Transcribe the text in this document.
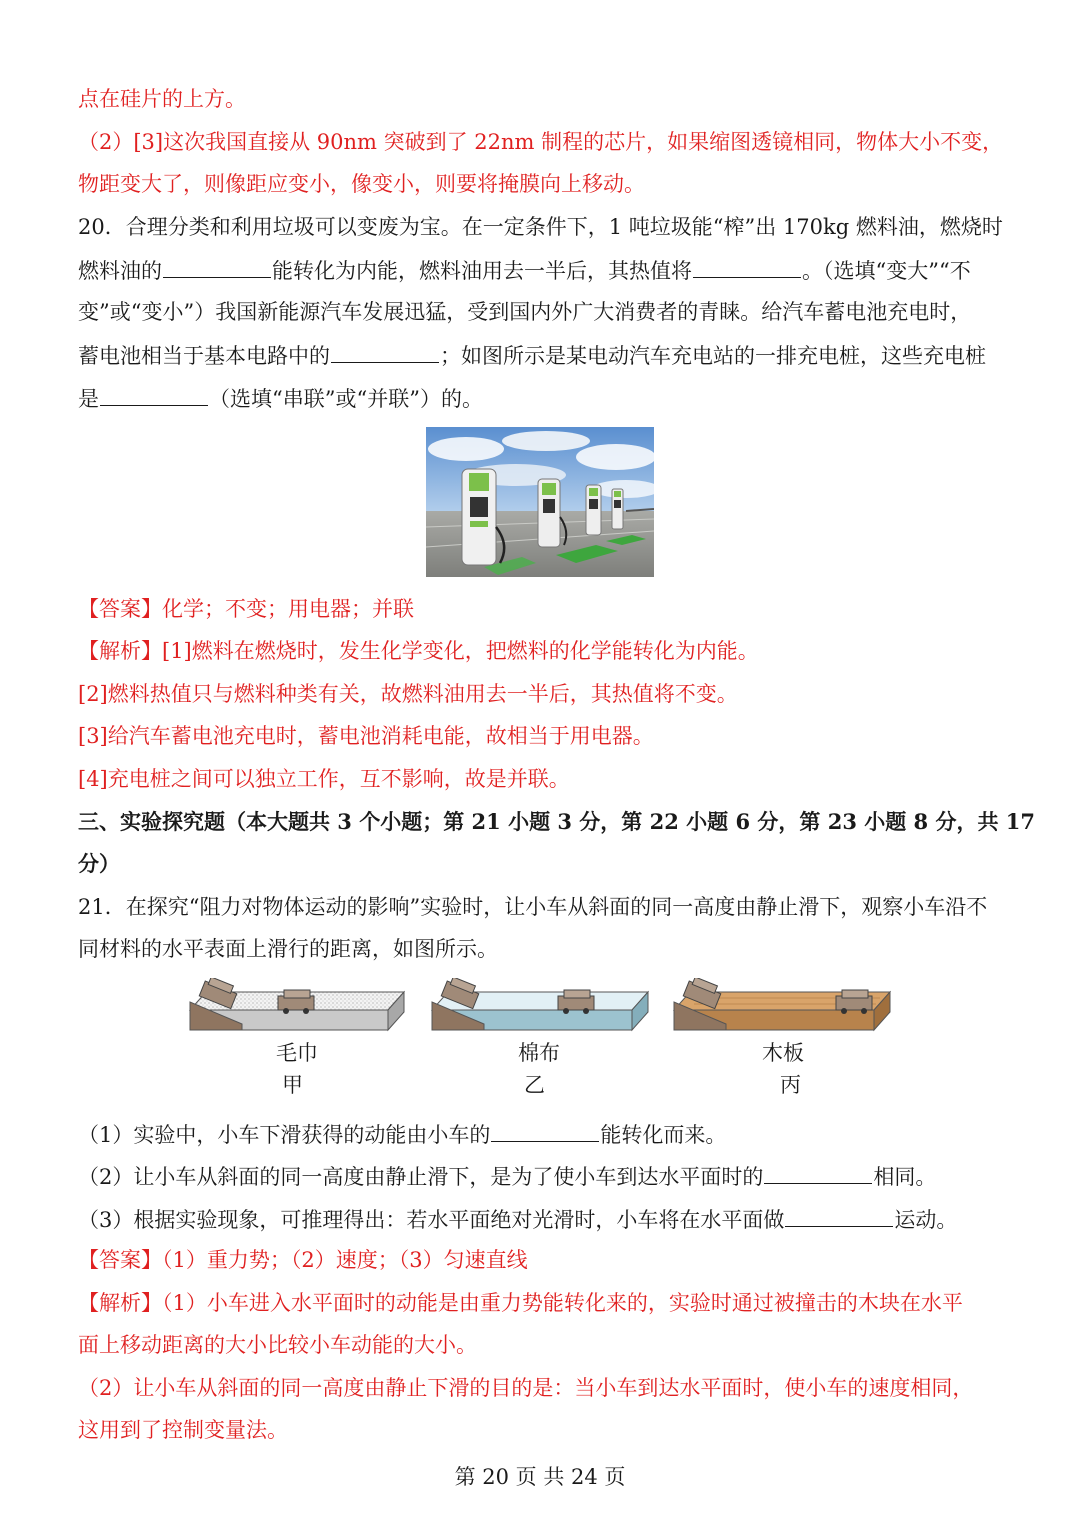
点在硅片的上方。
（2）[3]这次我国直接从 90nm 突破到了 22nm 制程的芯片，如果缩图透镜相同，物体大小不变，
物距变大了，则像距应变小，像变小，则要将掩膜向上移动。
20．合理分类和利用垃圾可以变废为宝。在一定条件下，1 吨垃圾能“榨”出 170kg 燃料油，燃烧时
燃料油的	能转化为内能，燃料油用去一半后，其热值将	。（选填“变大”“不
变”或“变小”）我国新能源汽车发展迅猛，受到国内外广大消费者的青睐。给汽车蓄电池充电时，
蓄电池相当于基本电路中的	；如图所示是某电动汽车充电站的一排充电桩，这些充电桩
是	（选填“串联”或“并联”）的。
【答案】化学；不变；用电器；并联
【解析】[1]燃料在燃烧时，发生化学变化，把燃料的化学能转化为内能。
[2]燃料热值只与燃料种类有关，故燃料油用去一半后，其热值将不变。
[3]给汽车蓄电池充电时，蓄电池消耗电能，故相当于用电器。
[4]充电桩之间可以独立工作，互不影响，故是并联。
三、实验探究题（本大题共 3 个小题；第 21 小题 3 分，第 22 小题 6 分，第 23 小题 8 分，共 17
分）
21．在探究“阻力对物体运动的影响”实验时，让小车从斜面的同一高度由静止滑下，观察小车沿不
同材料的水平表面上滑行的距离，如图所示。
毛巾
甲
棉布
乙
木板
丙
（1）实验中，小车下滑获得的动能由小车的	能转化而来。
（2）让小车从斜面的同一高度由静止滑下，是为了使小车到达水平面时的	相同。
（3）根据实验现象，可推理得出：若水平面绝对光滑时，小车将在水平面做	运动。
【答案】（1）重力势；（2）速度；（3）匀速直线
【解析】（1）小车进入水平面时的动能是由重力势能转化来的，实验时通过被撞击的木块在水平
面上移动距离的大小比较小车动能的大小。
（2）让小车从斜面的同一高度由静止下滑的目的是：当小车到达水平面时，使小车的速度相同，
这用到了控制变量法。
第 20 页 共 24 页
